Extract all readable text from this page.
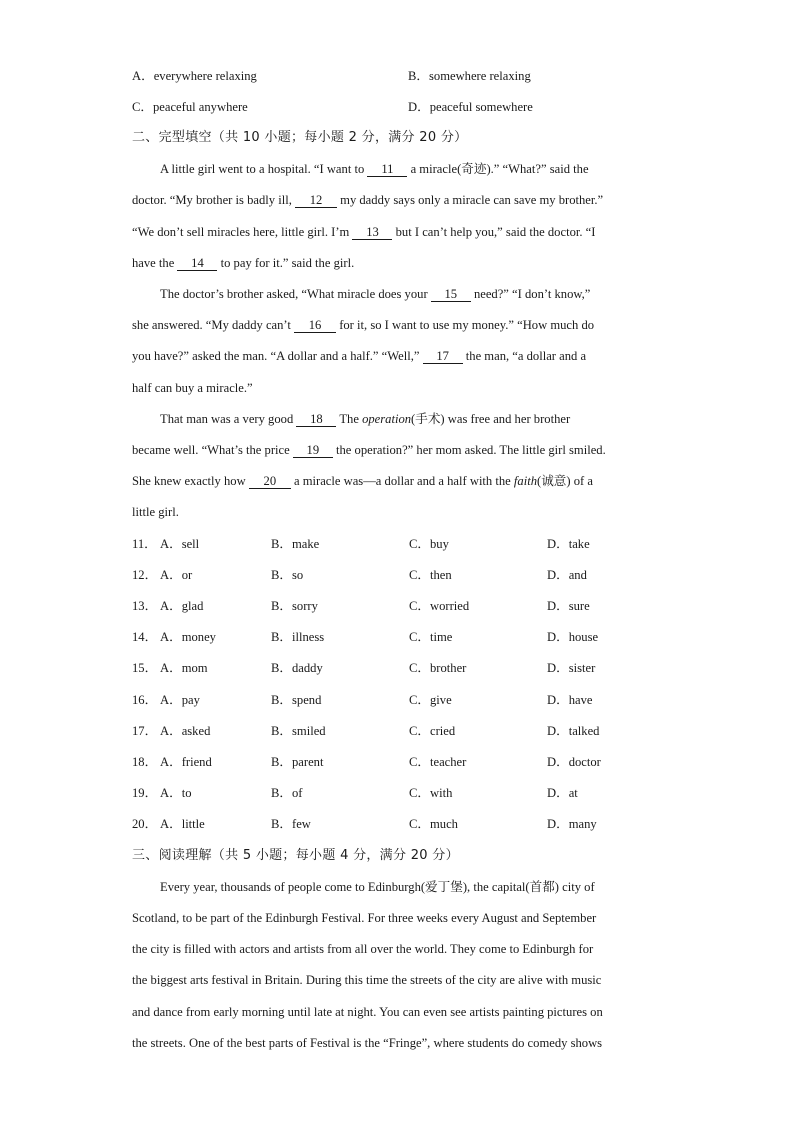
A．everywhere relaxing	B．somewhere relaxing
C．peaceful anywhere	D．peaceful somewhere
二、完型填空（共 10 小题；每小题 2 分，满分 20 分）
A little girl went to a hospital. “I want to 11 a miracle(奇迹).” “What?” said the
doctor. “My brother is badly ill, 12 my daddy says only a miracle can save my brother.”
“We don’t sell miracles here, little girl. I’m 13 but I can’t help you,” said the doctor. “I
have the 14 to pay for it.” said the girl.
The doctor’s brother asked, “What miracle does your 15 need?” “I don’t know,”
she answered. “My daddy can’t 16 for it, so I want to use my money.” “How much do
you have?” asked the man. “A dollar and a half.” “Well,” 17 the man, “a dollar and a
half can buy a miracle.”
That man was a very good 18 The operation(手术) was free and her brother
became well. “What’s the price 19 the operation?” her mom asked. The little girl smiled.
She knew exactly how 20 a miracle was—a dollar and a half with the faith(诚意) of a
little girl.
11． A．sell	B．make	C．buy	D．take
12． A．or	B．so	C．then	D．and
13． A．glad	B．sorry	C．worried	D．sure
14． A．money	B．illness	C．time	D．house
15． A．mom	B．daddy	C．brother	D．sister
16． A．pay	B．spend	C．give	D．have
17． A．asked	B．smiled	C．cried	D．talked
18． A．friend	B．parent	C．teacher	D．doctor
19． A．to	B．of	C．with	D．at
20． A．little	B．few	C．much	D．many
三、阅读理解（共 5 小题；每小题 4 分，满分 20 分）
Every year, thousands of people come to Edinburgh(爱丁堡), the capital(首都) city of
Scotland, to be part of the Edinburgh Festival. For three weeks every August and September
the city is filled with actors and artists from all over the world. They come to Edinburgh for
the biggest arts festival in Britain. During this time the streets of the city are alive with music
and dance from early morning until late at night. You can even see artists painting pictures on
the streets. One of the best parts of Festival is the “Fringe”, where students do comedy shows
